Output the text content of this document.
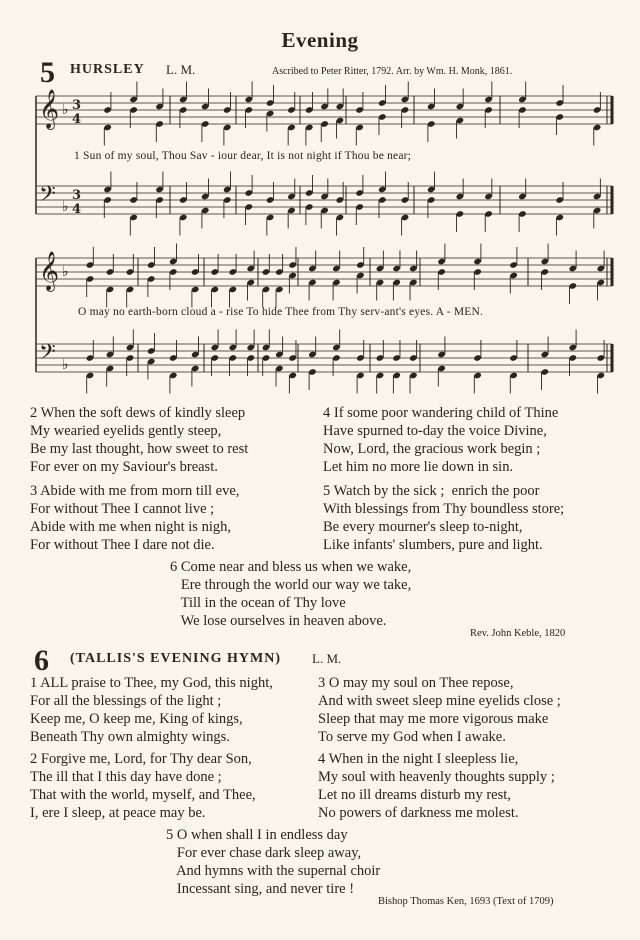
Evening
5 HURSLEY L. M.	Ascribed to Peter Ritter, 1792. Arr. by Wm. H. Monk, 1861.
𝄞 ♭ 3
4
𝄢 ♭
3
4
𝄞 ♭
𝄢 ♭
1 Sun of my soul, Thou Sav - iour dear, It is not night if Thou be near;
O may no earth-born cloud a - rise To hide Thee from Thy serv-ant's eyes. A - MEN.
2 When the soft dews of kindly sleep
My wearied eyelids gently steep,
Be my last thought, how sweet to rest
For ever on my Saviour's breast.
4 If some poor wandering child of Thine
Have spurned to-day the voice Divine,
Now, Lord, the gracious work begin ;
Let him no more lie down in sin.
3 Abide with me from morn till eve,
For without Thee I cannot live ;
Abide with me when night is nigh,
For without Thee I dare not die.
5 Watch by the sick ;  enrich the poor
With blessings from Thy boundless store;
Be every mourner's sleep to-night,
Like infants' slumbers, pure and light.
6 Come near and bless us when we wake,
Ere through the world our way we take,
Till in the ocean of Thy love
We lose ourselves in heaven above.
Rev. John Keble, 1820
6 (TALLIS'S EVENING HYMN) L. M.
1 ALL praise to Thee, my God, this night,
For all the blessings of the light ;
Keep me, O keep me, King of kings,
Beneath Thy own almighty wings.
3 O may my soul on Thee repose,
And with sweet sleep mine eyelids close ;
Sleep that may me more vigorous make
To serve my God when I awake.
2 Forgive me, Lord, for Thy dear Son,
The ill that I this day have done ;
That with the world, myself, and Thee,
I, ere I sleep, at peace may be.
4 When in the night I sleepless lie,
My soul with heavenly thoughts supply ;
Let no ill dreams disturb my rest,
No powers of darkness me molest.
5 O when shall I in endless day
For ever chase dark sleep away,
And hymns with the supernal choir
Incessant sing, and never tire !
Bishop Thomas Ken, 1693 (Text of 1709)
